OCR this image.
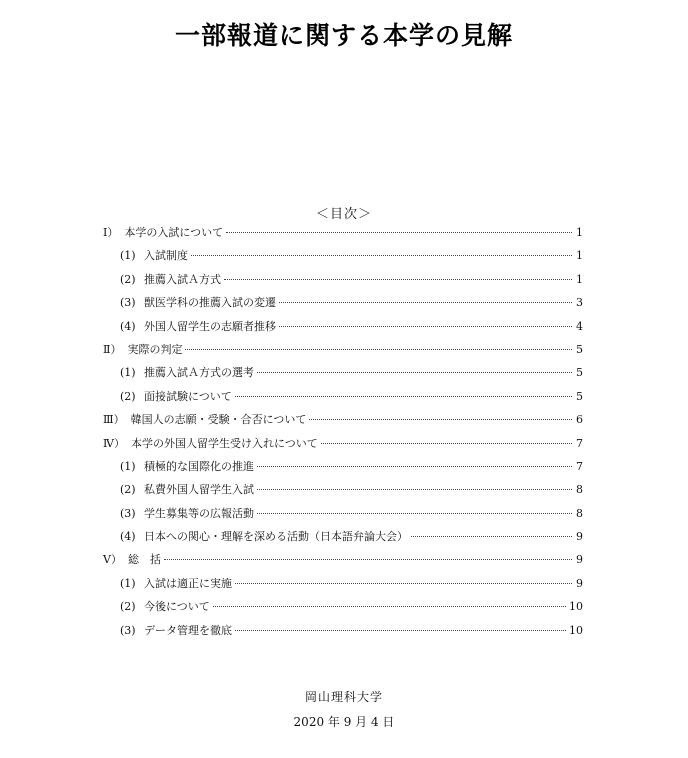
一部報道に関する本学の見解
＜目次＞
Ⅰ） 本学の入試について	1
(1) 入試制度	1
(2) 推薦入試Ａ方式	1
(3) 獣医学科の推薦入試の変遷	3
(4) 外国人留学生の志願者推移	4
Ⅱ） 実際の判定	5
(1) 推薦入試Ａ方式の選考	5
(2) 面接試験について	5
Ⅲ） 韓国人の志願・受験・合否について	6
Ⅳ） 本学の外国人留学生受け入れについて	7
(1) 積極的な国際化の推進	7
(2) 私費外国人留学生入試	8
(3) 学生募集等の広報活動	8
(4) 日本への関心・理解を深める活動（日本語弁論大会）	9
Ⅴ） 総　括	9
(1) 入試は適正に実施	9
(2) 今後について	10
(3) データ管理を徹底	10
岡山理科大学
2020 年 9 月 4 日
